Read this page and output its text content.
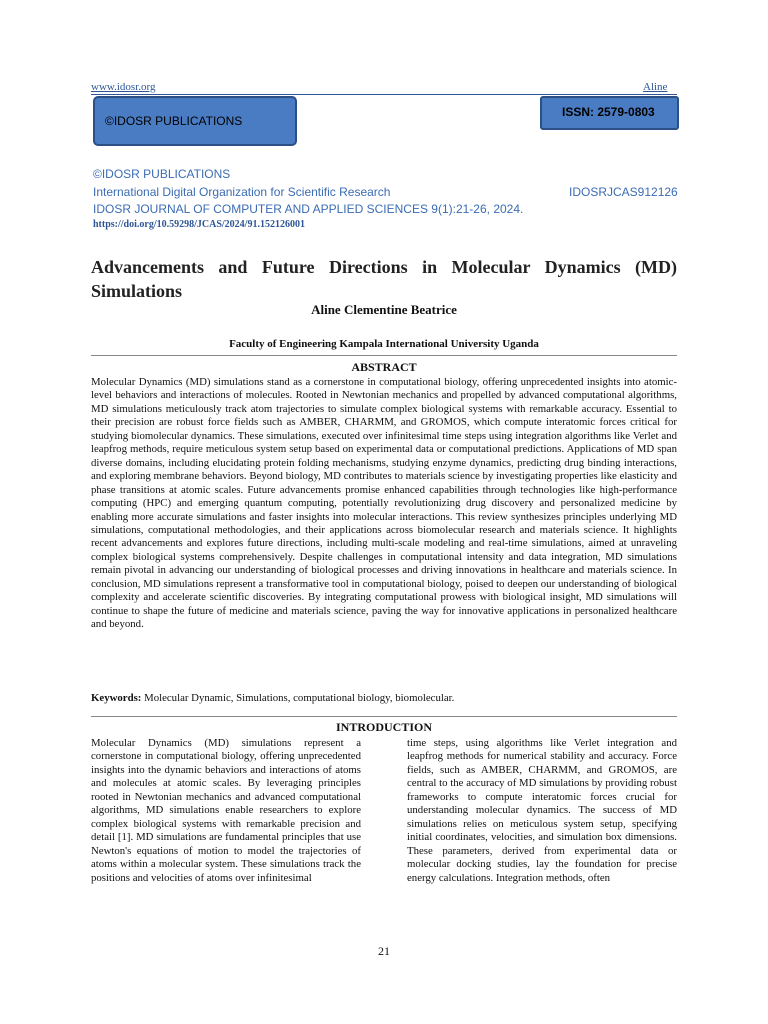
www.idosr.org	Aline
©IDOSR PUBLICATIONS
ISSN: 2579-0803
©IDOSR PUBLICATIONS
International Digital Organization for Scientific Research	IDOSRJCAS912126
IDOSR JOURNAL OF COMPUTER AND APPLIED SCIENCES 9(1):21-26, 2024.
https://doi.org/10.59298/JCAS/2024/91.152126001
Advancements and Future Directions in Molecular Dynamics (MD) Simulations
Aline Clementine Beatrice
Faculty of Engineering Kampala International University Uganda
ABSTRACT
Molecular Dynamics (MD) simulations stand as a cornerstone in computational biology, offering unprecedented insights into atomic-level behaviors and interactions of molecules. Rooted in Newtonian mechanics and propelled by advanced computational algorithms, MD simulations meticulously track atom trajectories to simulate complex biological systems with remarkable accuracy. Essential to their precision are robust force fields such as AMBER, CHARMM, and GROMOS, which compute interatomic forces critical for studying biomolecular dynamics. These simulations, executed over infinitesimal time steps using integration algorithms like Verlet and leapfrog methods, require meticulous system setup based on experimental data or computational predictions. Applications of MD span diverse domains, including elucidating protein folding mechanisms, studying enzyme dynamics, predicting drug binding interactions, and exploring membrane behaviors. Beyond biology, MD contributes to materials science by investigating properties like elasticity and phase transitions at atomic scales. Future advancements promise enhanced capabilities through technologies like high-performance computing (HPC) and emerging quantum computing, potentially revolutionizing drug discovery and personalized medicine by enabling more accurate simulations and faster insights into molecular interactions. This review synthesizes principles underlying MD simulations, computational methodologies, and their applications across biomolecular research and materials science. It highlights recent advancements and explores future directions, including multi-scale modeling and real-time simulations, aimed at unraveling complex biological systems comprehensively. Despite challenges in computational intensity and data integration, MD simulations remain pivotal in advancing our understanding of biological processes and driving innovations in healthcare and materials science. In conclusion, MD simulations represent a transformative tool in computational biology, poised to deepen our understanding of biological complexity and accelerate scientific discoveries. By integrating computational prowess with biological insight, MD simulations will continue to shape the future of medicine and materials science, paving the way for innovative applications in personalized healthcare and beyond.
Keywords: Molecular Dynamic, Simulations, computational biology, biomolecular.
INTRODUCTION
Molecular Dynamics (MD) simulations represent a cornerstone in computational biology, offering unprecedented insights into the dynamic behaviors and interactions of atoms and molecules at atomic scales. By leveraging principles rooted in Newtonian mechanics and advanced computational algorithms, MD simulations enable researchers to explore complex biological systems with remarkable precision and detail [1]. MD simulations are fundamental principles that use Newton's equations of motion to model the trajectories of atoms within a molecular system. These simulations track the positions and velocities of atoms over infinitesimal
time steps, using algorithms like Verlet integration and leapfrog methods for numerical stability and accuracy. Force fields, such as AMBER, CHARMM, and GROMOS, are central to the accuracy of MD simulations by providing robust frameworks to compute interatomic forces crucial for understanding molecular dynamics. The success of MD simulations relies on meticulous system setup, specifying initial coordinates, velocities, and simulation box dimensions. These parameters, derived from experimental data or molecular docking studies, lay the foundation for precise energy calculations. Integration methods, often
21
